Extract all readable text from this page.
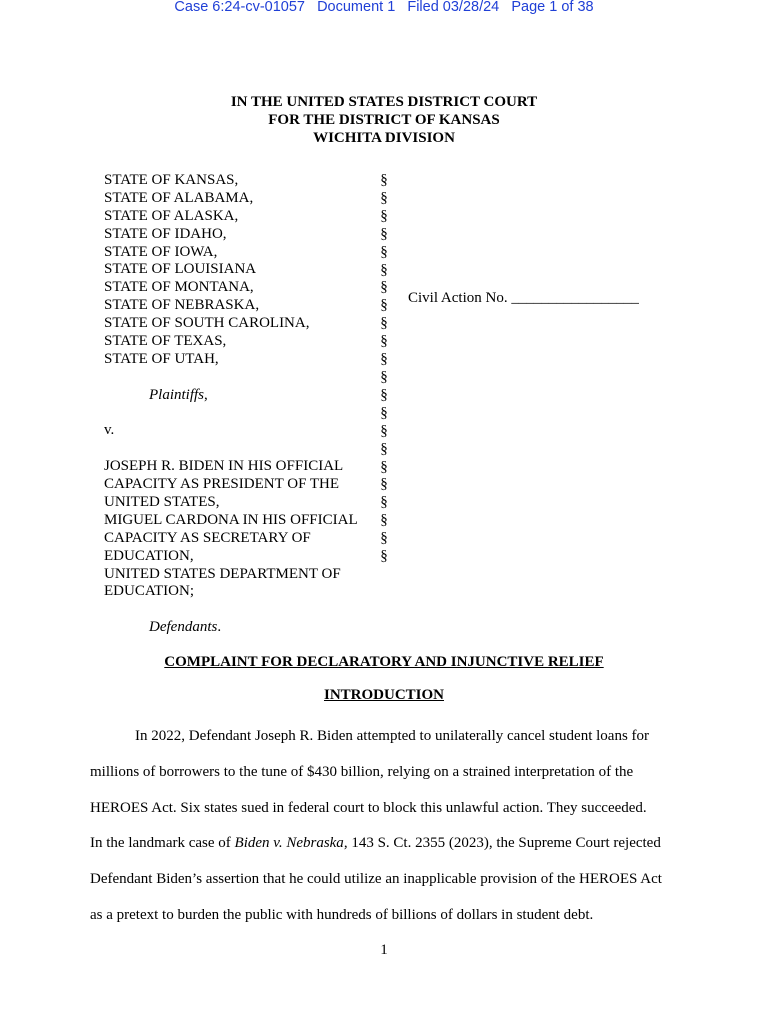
Case 6:24-cv-01057   Document 1   Filed 03/28/24   Page 1 of 38
IN THE UNITED STATES DISTRICT COURT
FOR THE DISTRICT OF KANSAS
WICHITA DIVISION
STATE OF KANSAS,
STATE OF ALABAMA,
STATE OF ALASKA,
STATE OF IDAHO,
STATE OF IOWA,
STATE OF LOUISIANA
STATE OF MONTANA,
STATE OF NEBRASKA,
STATE OF SOUTH CAROLINA,
STATE OF TEXAS,
STATE OF UTAH,
Plaintiffs,
v.
JOSEPH R. BIDEN IN HIS OFFICIAL
CAPACITY AS PRESIDENT OF THE
UNITED STATES,
MIGUEL CARDONA IN HIS OFFICIAL
CAPACITY AS SECRETARY OF
EDUCATION,
UNITED STATES DEPARTMENT OF
EDUCATION;
Defendants.
§
§
§
§
§
§
§
§
§
§
§
§
§
§
§
§
§
§
§
§
§
§
Civil Action No. _________________
COMPLAINT FOR DECLARATORY AND INJUNCTIVE RELIEF
INTRODUCTION
In 2022, Defendant Joseph R. Biden attempted to unilaterally cancel student loans for
millions of borrowers to the tune of $430 billion, relying on a strained interpretation of the
HEROES Act. Six states sued in federal court to block this unlawful action. They succeeded.
In the landmark case of Biden v. Nebraska, 143 S. Ct. 2355 (2023), the Supreme Court rejected
Defendant Biden’s assertion that he could utilize an inapplicable provision of the HEROES Act
as a pretext to burden the public with hundreds of billions of dollars in student debt.
1
